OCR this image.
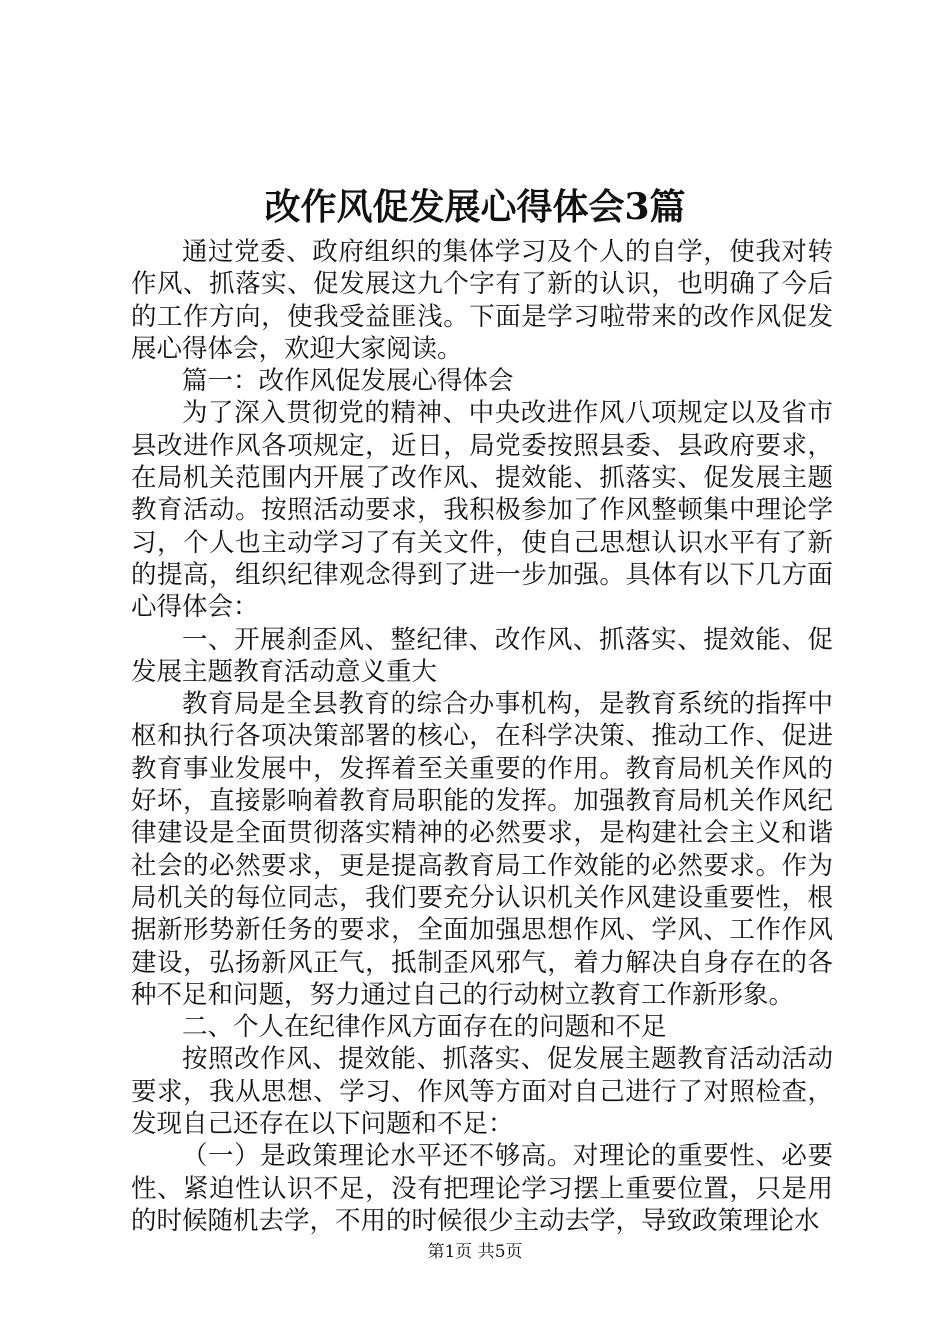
改作风促发展心得体会3篇

通过党委、政府组织的集体学习及个人的自学，使我对转作风、抓落实、促发展这九个字有了新的认识，也明确了今后的工作方向，使我受益匪浅。下面是学习啦带来的改作风促发展心得体会，欢迎大家阅读。

篇一：改作风促发展心得体会

为了深入贯彻党的精神、中央改进作风八项规定以及省市县改进作风各项规定，近日，局党委按照县委、县政府要求，在局机关范围内开展了改作风、提效能、抓落实、促发展主题教育活动。按照活动要求，我积极参加了作风整顿集中理论学习，个人也主动学习了有关文件，使自己思想认识水平有了新的提高，组织纪律观念得到了进一步加强。具体有以下几方面心得体会：

一、开展刹歪风、整纪律、改作风、抓落实、提效能、促发展主题教育活动意义重大

教育局是全县教育的综合办事机构，是教育系统的指挥中枢和执行各项决策部署的核心，在科学决策、推动工作、促进教育事业发展中，发挥着至关重要的作用。教育局机关作风的好坏，直接影响着教育局职能的发挥。加强教育局机关作风纪律建设是全面贯彻落实精神的必然要求，是构建社会主义和谐社会的必然要求，更是提高教育局工作效能的必然要求。作为局机关的每位同志，我们要充分认识机关作风建设重要性，根据新形势新任务的要求，全面加强思想作风、学风、工作作风建设，弘扬新风正气，抵制歪风邪气，着力解决自身存在的各种不足和问题，努力通过自己的行动树立教育工作新形象。

二、个人在纪律作风方面存在的问题和不足

按照改作风、提效能、抓落实、促发展主题教育活动活动要求，我从思想、学习、作风等方面对自己进行了对照检查，发现自己还存在以下问题和不足：

（一）是政策理论水平还不够高。对理论的重要性、必要性、紧迫性认识不足，没有把理论学习摆上重要位置，只是用的时候随机去学，不用的时候很少主动去学，导致政策理论水

第1页 共5页
